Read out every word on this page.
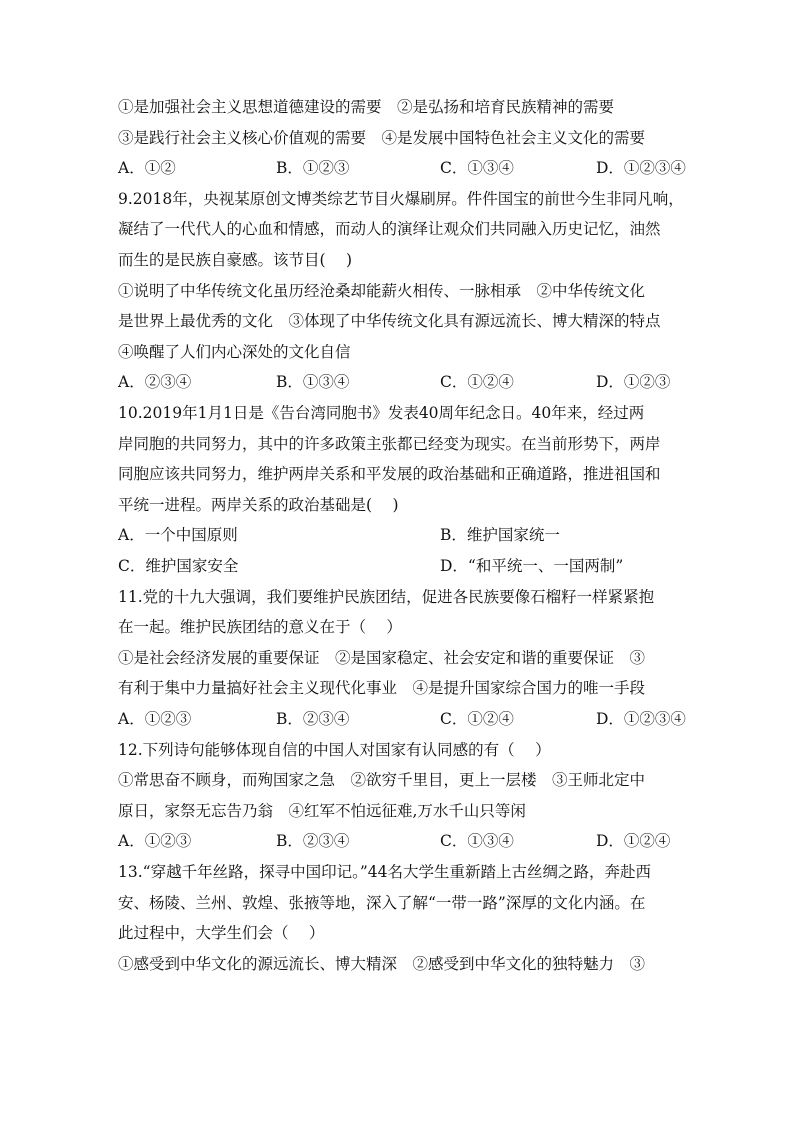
①是加强社会主义思想道德建设的需要　②是弘扬和培育民族精神的需要
③是践行社会主义核心价值观的需要　④是发展中国特色社会主义文化的需要
A．①②	B．①②③	C．①③④	D．①②③④
9.2018年，央视某原创文博类综艺节目火爆刷屏。件件国宝的前世今生非同凡响，
凝结了一代代人的心血和情感，而动人的演绎让观众们共同融入历史记忆，油然
而生的是民族自豪感。该节目(　 )
①说明了中华传统文化虽历经沧桑却能薪火相传、一脉相承　②中华传统文化
是世界上最优秀的文化　③体现了中华传统文化具有源远流长、博大精深的特点
④唤醒了人们内心深处的文化自信
A．②③④	B．①③④	C．①②④	D．①②③
10.2019年1月1日是《告台湾同胞书》发表40周年纪念日。40年来，经过两
岸同胞的共同努力，其中的许多政策主张都已经变为现实。在当前形势下，两岸
同胞应该共同努力，维护两岸关系和平发展的政治基础和正确道路，推进祖国和
平统一进程。两岸关系的政治基础是(　 )
A．一个中国原则	B．维护国家统一
C．维护国家安全	D．“和平统一、一国两制”
11.党的十九大强调，我们要维护民族团结，促进各民族要像石榴籽一样紧紧抱
在一起。维护民族团结的意义在于（　 ）
①是社会经济发展的重要保证　②是国家稳定、社会安定和谐的重要保证　③
有利于集中力量搞好社会主义现代化事业　④是提升国家综合国力的唯一手段
A．①②③	B．②③④	C．①②④	D．①②③④
12.下列诗句能够体现自信的中国人对国家有认同感的有（　 ）
①常思奋不顾身，而殉国家之急　②欲穷千里目，更上一层楼　③王师北定中
原日，家祭无忘告乃翁　④红军不怕远征难,万水千山只等闲
A．①②③	B．②③④	C．①③④	D．①②④
13.“穿越千年丝路，探寻中国印记。”44名大学生重新踏上古丝绸之路，奔赴西
安、杨陵、兰州、敦煌、张掖等地，深入了解“一带一路”深厚的文化内涵。在
此过程中，大学生们会（　 ）
①感受到中华文化的源远流长、博大精深　②感受到中华文化的独特魅力　③
